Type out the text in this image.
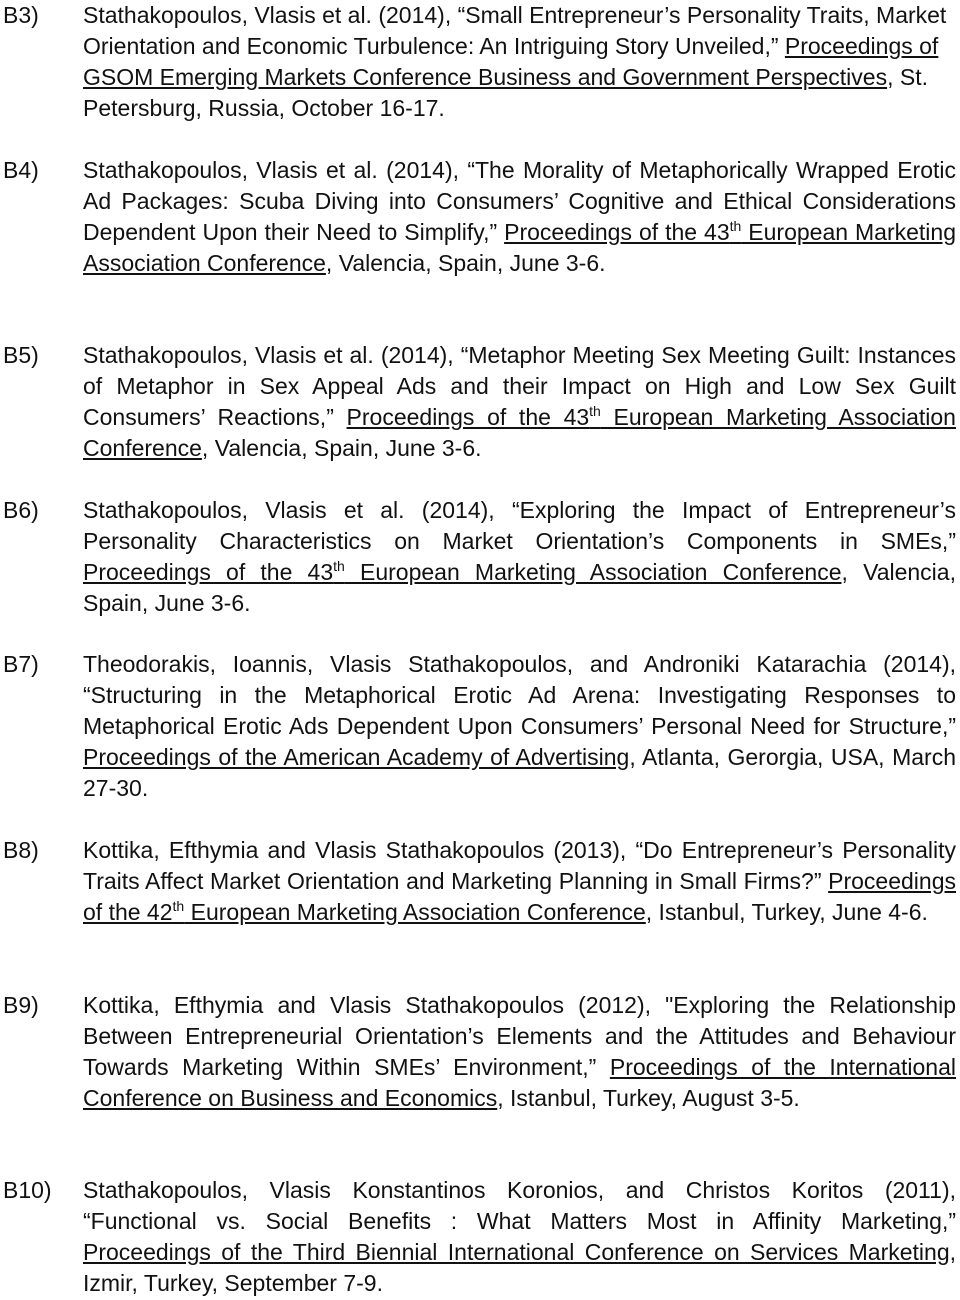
B3) Stathakopoulos, Vlasis et al. (2014), “Small Entrepreneur’s Personality Traits, Market Orientation and Economic Turbulence: An Intriguing Story Unveiled,” Proceedings of GSOM Emerging Markets Conference Business and Government Perspectives, St. Petersburg, Russia, October 16-17.
B4) Stathakopoulos, Vlasis et al. (2014), “The Morality of Metaphorically Wrapped Erotic Ad Packages: Scuba Diving into Consumers’ Cognitive and Ethical Considerations Dependent Upon their Need to Simplify,” Proceedings of the 43th European Marketing Association Conference, Valencia, Spain, June 3-6.
B5) Stathakopoulos, Vlasis et al. (2014), “Metaphor Meeting Sex Meeting Guilt: Instances of Metaphor in Sex Appeal Ads and their Impact on High and Low Sex Guilt Consumers’ Reactions,” Proceedings of the 43th European Marketing Association Conference, Valencia, Spain, June 3-6.
B6) Stathakopoulos, Vlasis et al. (2014), “Exploring the Impact of Entrepreneur’s Personality Characteristics on Market Orientation’s Components in SMEs,” Proceedings of the 43th European Marketing Association Conference, Valencia, Spain, June 3-6.
B7) Theodorakis, Ioannis, Vlasis Stathakopoulos, and Androniki Katarachia (2014), “Structuring in the Metaphorical Erotic Ad Arena: Investigating Responses to Metaphorical Erotic Ads Dependent Upon Consumers’ Personal Need for Structure,” Proceedings of the American Academy of Advertising, Atlanta, Gerorgia, USA, March 27-30.
B8) Kottika, Efthymia and Vlasis Stathakopoulos (2013), “Do Entrepreneur’s Personality Traits Affect Market Orientation and Marketing Planning in Small Firms?” Proceedings of the 42th European Marketing Association Conference, Istanbul, Turkey, June 4-6.
B9) Kottika, Efthymia and Vlasis Stathakopoulos (2012), "Exploring the Relationship Between Entrepreneurial Orientation’s Elements and the Attitudes and Behaviour Towards Marketing Within SMEs’ Environment,” Proceedings of the International Conference on Business and Economics, Istanbul, Turkey, August 3-5.
B10) Stathakopoulos, Vlasis Konstantinos Koronios, and Christos Koritos (2011), “Functional vs. Social Benefits : What Matters Most in Affinity Marketing,” Proceedings of the Third Biennial International Conference on Services Marketing, Izmir, Turkey, September 7-9.
